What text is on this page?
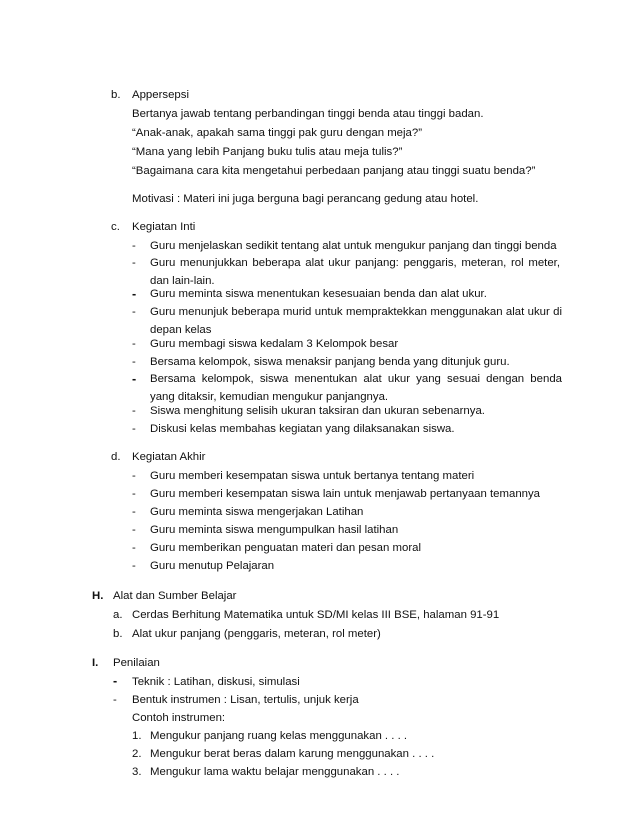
b. Appersepsi
Bertanya jawab tentang perbandingan tinggi benda atau tinggi badan.
“Anak-anak, apakah sama tinggi pak guru dengan meja?”
“Mana yang lebih Panjang buku tulis atau meja tulis?”
“Bagaimana cara kita mengetahui perbedaan panjang atau tinggi suatu benda?”
Motivasi : Materi ini juga berguna bagi perancang gedung atau hotel.
c. Kegiatan Inti
- Guru menjelaskan sedikit tentang alat untuk mengukur panjang dan tinggi benda
- Guru menunjukkan beberapa alat ukur panjang: penggaris, meteran, rol meter, dan lain-lain.
- Guru meminta siswa menentukan kesesuaian benda dan alat ukur.
- Guru menunjuk beberapa murid untuk mempraktekkan menggunakan alat ukur di depan kelas
- Guru membagi siswa kedalam 3 Kelompok besar
- Bersama kelompok, siswa menaksir panjang benda yang ditunjuk guru.
- Bersama kelompok, siswa menentukan alat ukur yang sesuai dengan benda yang ditaksir, kemudian mengukur panjangnya.
- Siswa menghitung selisih ukuran taksiran dan ukuran sebenarnya.
- Diskusi kelas membahas kegiatan yang dilaksanakan siswa.
d. Kegiatan Akhir
- Guru memberi kesempatan siswa untuk bertanya tentang materi
- Guru memberi kesempatan siswa lain untuk menjawab pertanyaan temannya
- Guru meminta siswa mengerjakan Latihan
- Guru meminta siswa mengumpulkan hasil latihan
- Guru memberikan penguatan materi dan pesan moral
- Guru menutup Pelajaran
H. Alat dan Sumber Belajar
a. Cerdas Berhitung Matematika untuk SD/MI kelas III BSE, halaman 91-91
b. Alat ukur panjang (penggaris, meteran, rol meter)
I. Penilaian
- Teknik : Latihan, diskusi, simulasi
- Bentuk instrumen : Lisan, tertulis, unjuk kerja
Contoh instrumen:
1. Mengukur panjang ruang kelas menggunakan . . . .
2. Mengukur berat beras dalam karung menggunakan . . . .
3. Mengukur lama waktu belajar menggunakan . . . .
